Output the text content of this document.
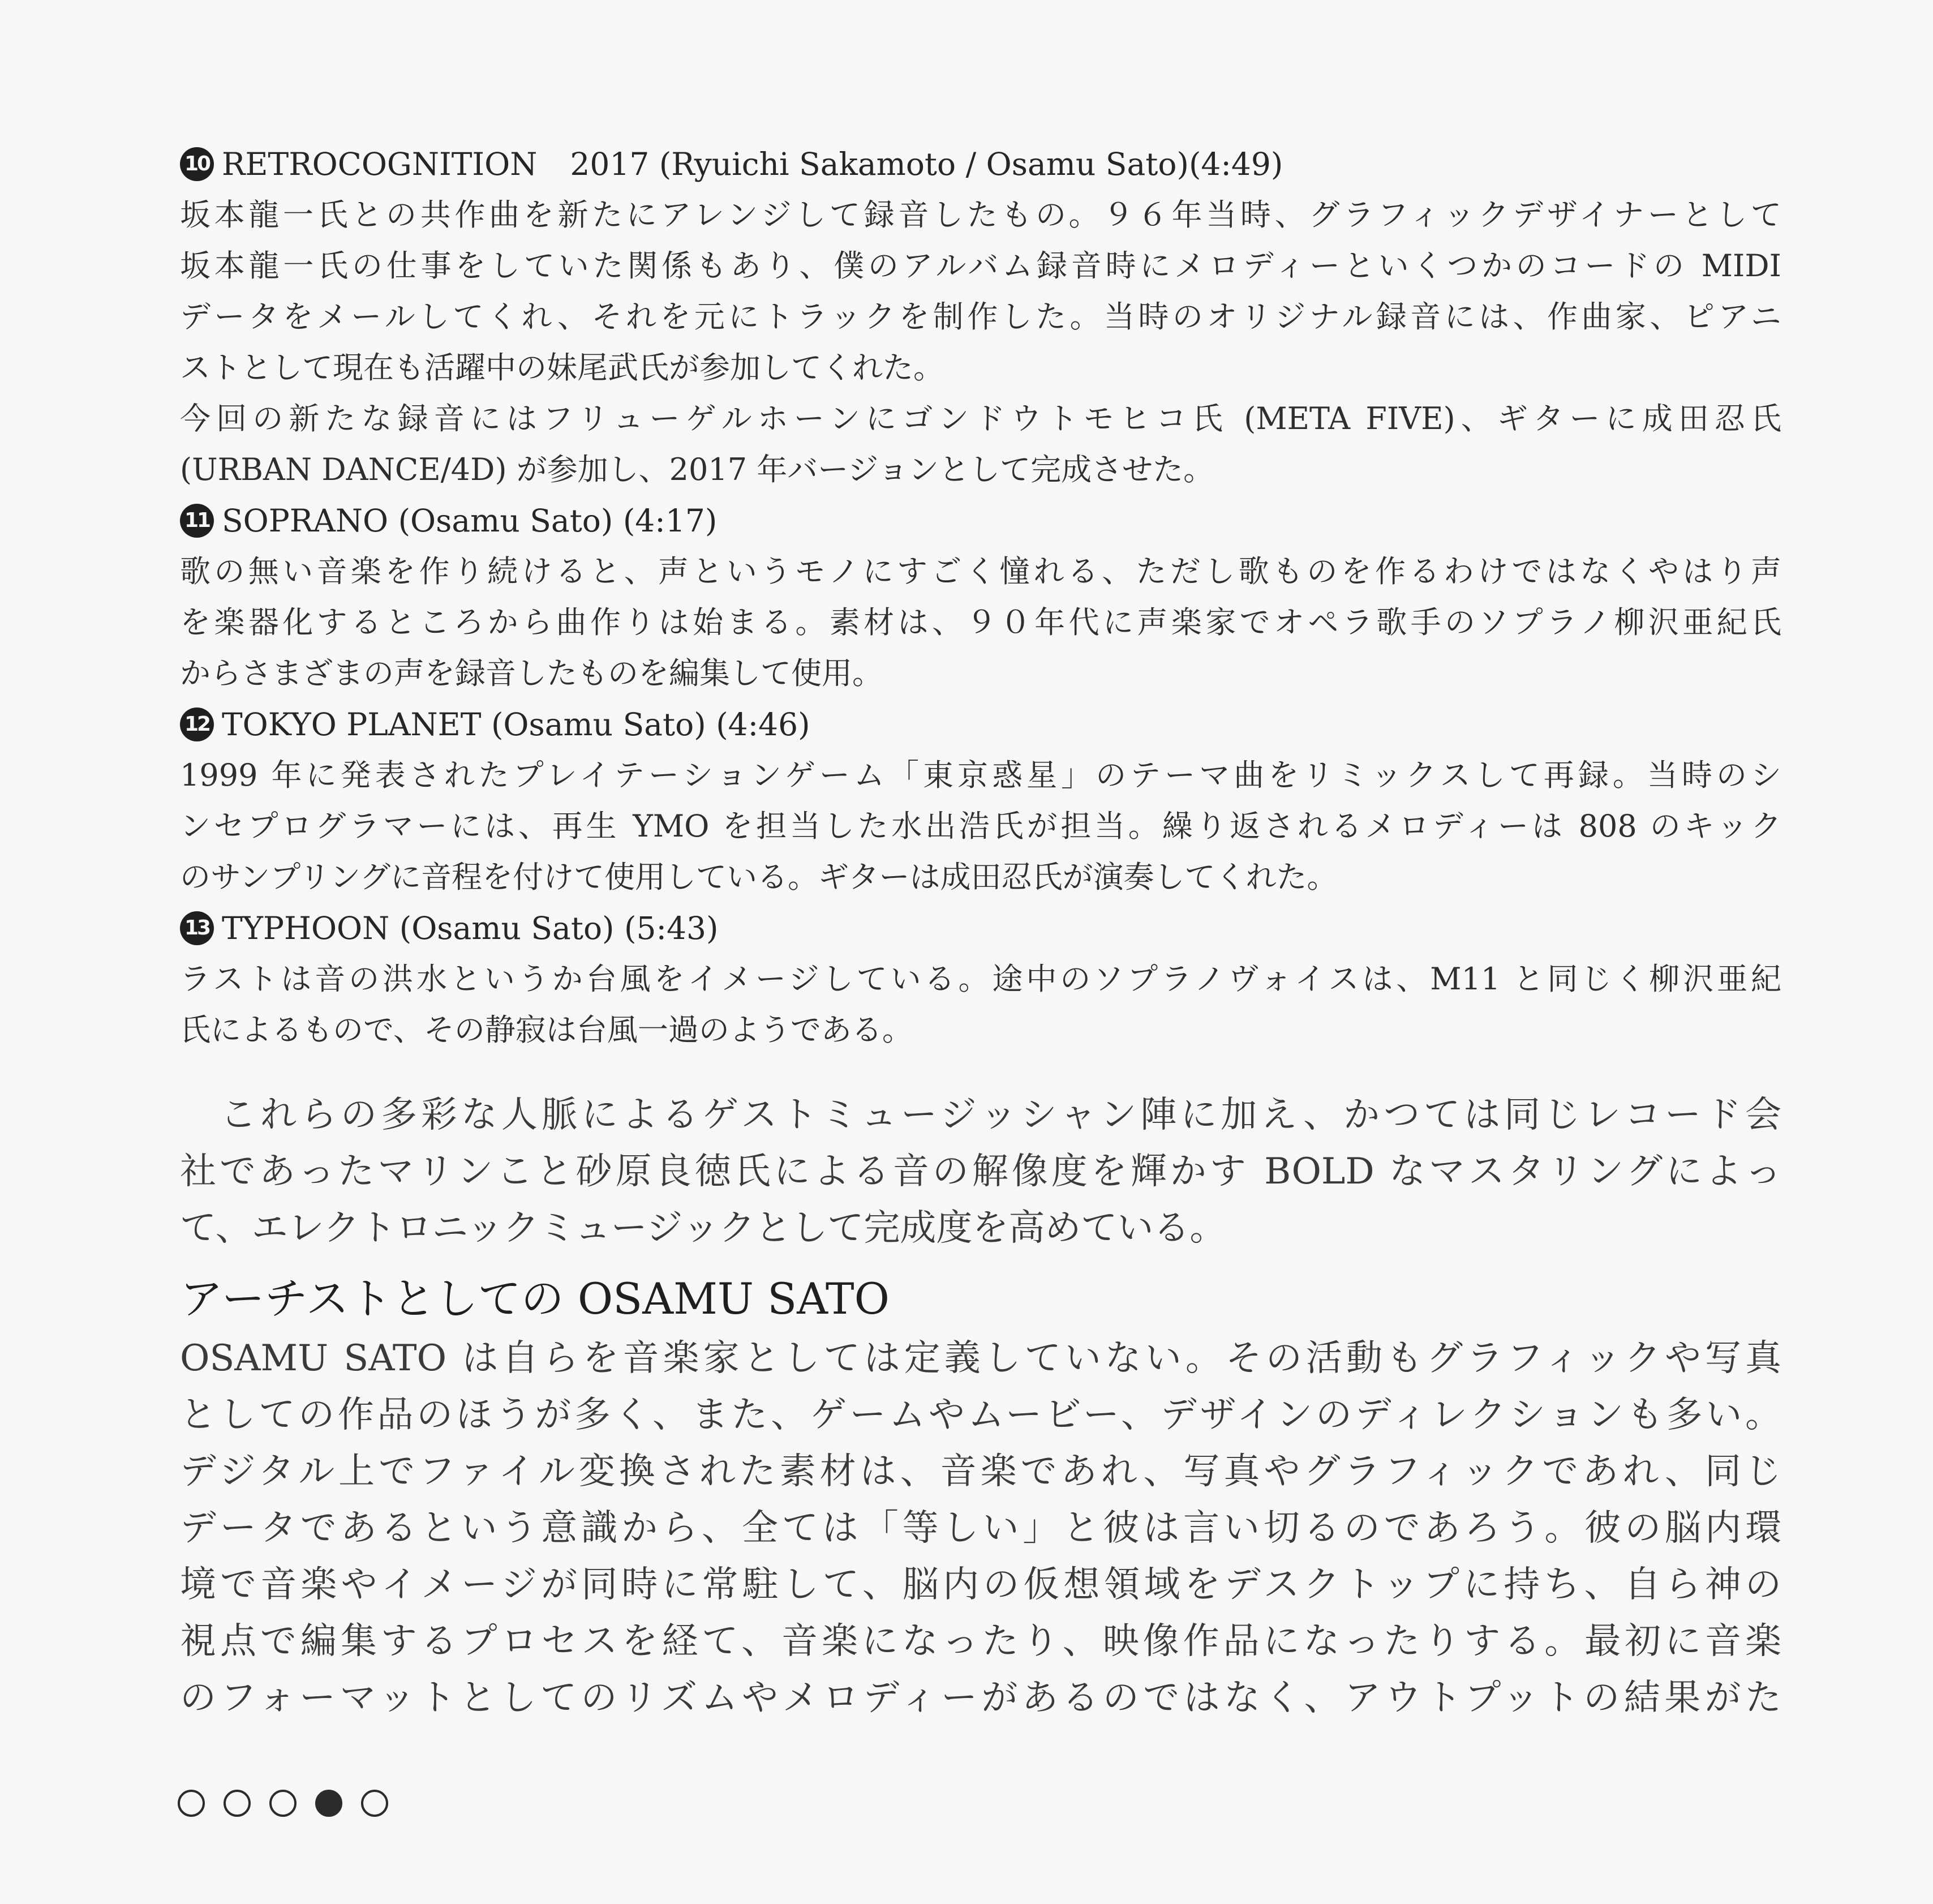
10 RETROCOGNITION 2017 (Ryuichi Sakamoto / Osamu Sato)(4:49)
坂本龍一氏との共作曲を新たにアレンジして録音したもの。９６年当時、グラフィックデザイナーとして
坂本龍一氏の仕事をしていた関係もあり、僕のアルバム録音時にメロディーといくつかのコードの MIDI
データをメールしてくれ、それを元にトラックを制作した。当時のオリジナル録音には、作曲家、ピアニ
ストとして現在も活躍中の妹尾武氏が参加してくれた。
今回の新たな録音にはフリューゲルホーンにゴンドウトモヒコ氏 (META FIVE)、ギターに成田忍氏
(URBAN DANCE/4D) が参加し、2017 年バージョンとして完成させた。
11 SOPRANO (Osamu Sato) (4:17)
歌の無い音楽を作り続けると、声というモノにすごく憧れる、ただし歌ものを作るわけではなくやはり声
を楽器化するところから曲作りは始まる。素材は、９０年代に声楽家でオペラ歌手のソプラノ柳沢亜紀氏
からさまざまの声を録音したものを編集して使用。
12 TOKYO PLANET (Osamu Sato) (4:46)
1999 年に発表されたプレイテーションゲーム「東京惑星」のテーマ曲をリミックスして再録。当時のシ
ンセプログラマーには、再生 YMO を担当した水出浩氏が担当。繰り返されるメロディーは 808 のキック
のサンプリングに音程を付けて使用している。ギターは成田忍氏が演奏してくれた。
13 TYPHOON (Osamu Sato) (5:43)
ラストは音の洪水というか台風をイメージしている。途中のソプラノヴォイスは、M11 と同じく柳沢亜紀
氏によるもので、その静寂は台風一過のようである。
これらの多彩な人脈によるゲストミュージッシャン陣に加え、かつては同じレコード会
社であったマリンこと砂原良徳氏による音の解像度を輝かす BOLD なマスタリングによっ
て、エレクトロニックミュージックとして完成度を高めている。
アーチストとしての OSAMU SATO
OSAMU SATO は自らを音楽家としては定義していない。その活動もグラフィックや写真
としての作品のほうが多く、また、ゲームやムービー、デザインのディレクションも多い。
デジタル上でファイル変換された素材は、音楽であれ、写真やグラフィックであれ、同じ
データであるという意識から、全ては「等しい」と彼は言い切るのであろう。彼の脳内環
境で音楽やイメージが同時に常駐して、脳内の仮想領域をデスクトップに持ち、自ら神の
視点で編集するプロセスを経て、音楽になったり、映像作品になったりする。最初に音楽
のフォーマットとしてのリズムやメロディーがあるのではなく、アウトプットの結果がた
